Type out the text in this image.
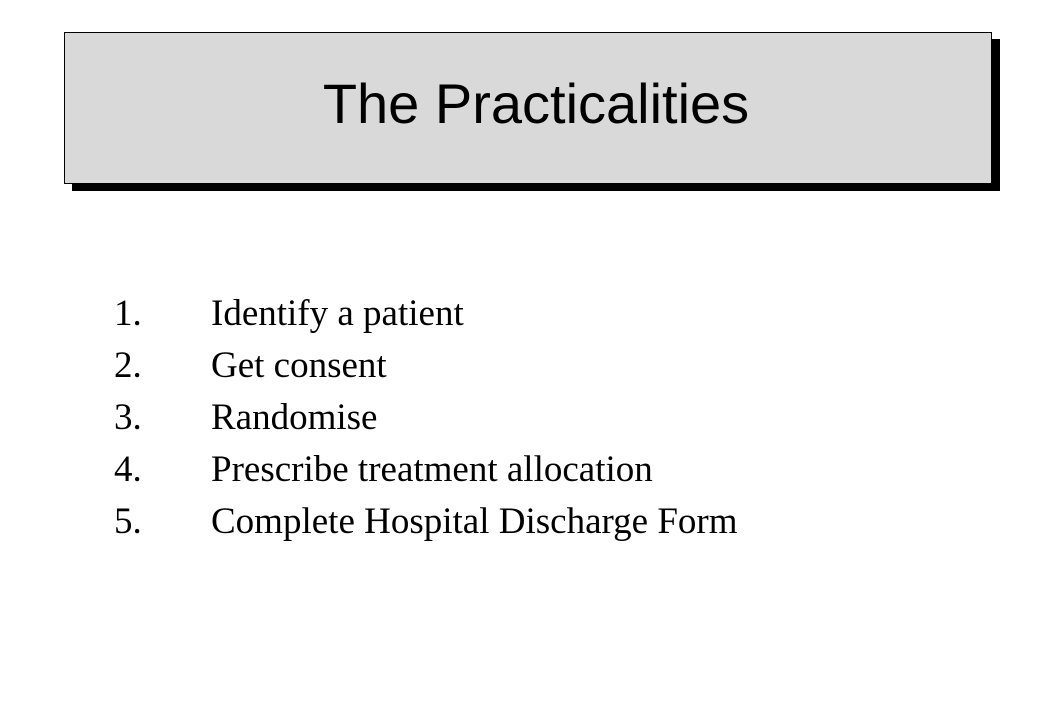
The Practicalities
1.	Identify a patient
2.	Get consent
3.	Randomise
4.	Prescribe treatment allocation
5.	Complete Hospital Discharge Form
